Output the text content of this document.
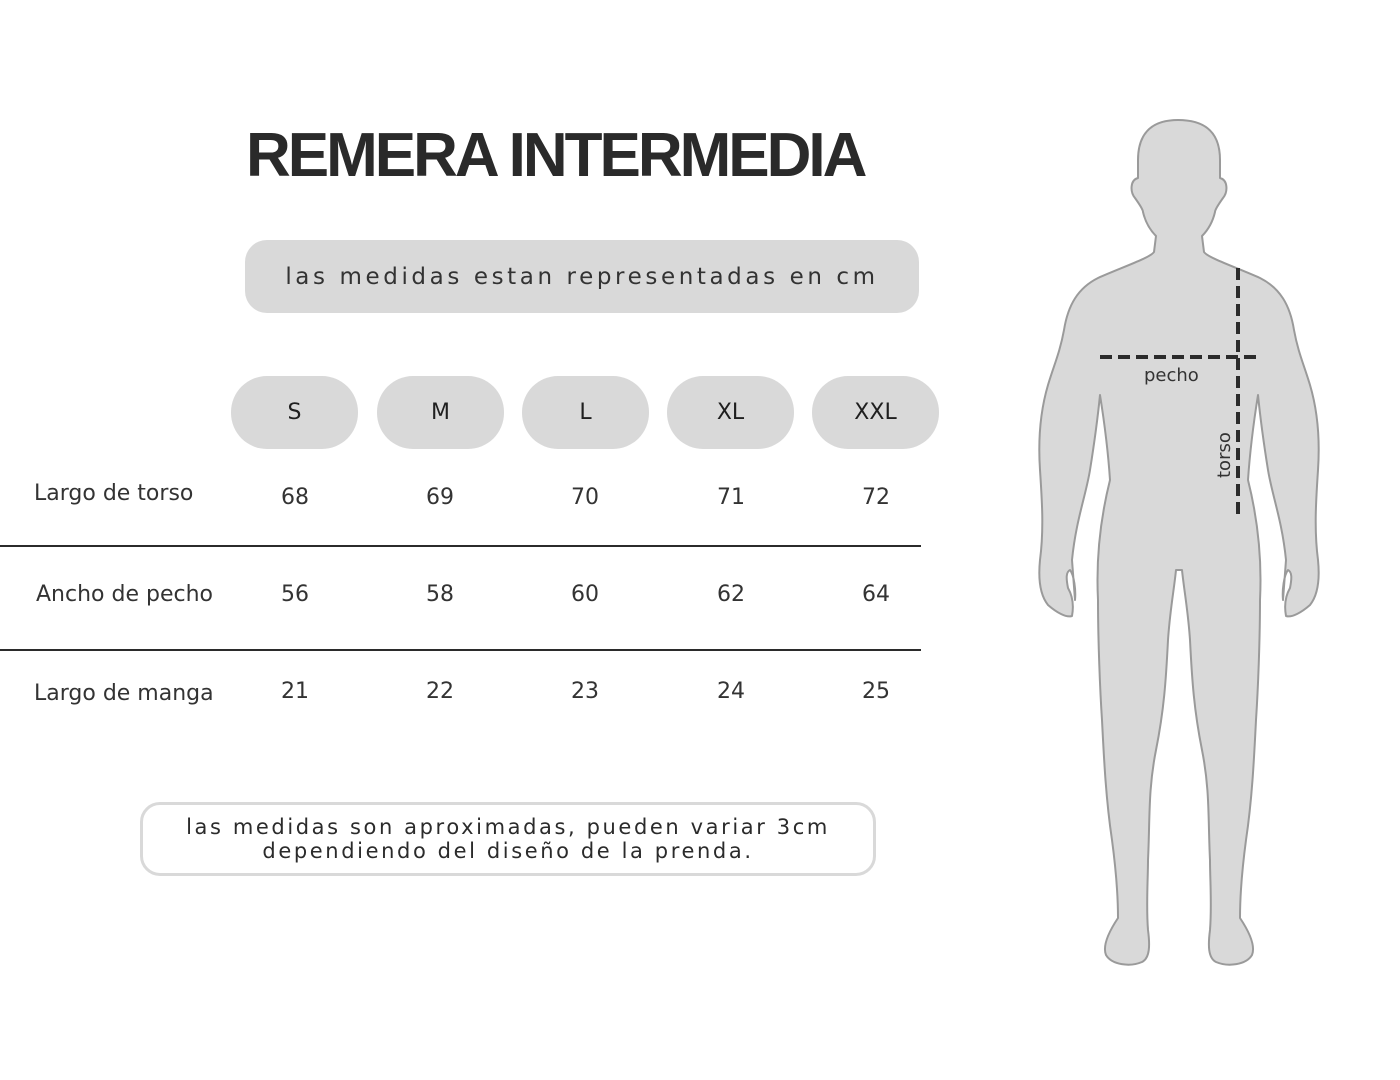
REMERA INTERMEDIA
las medidas estan representadas en cm
S	M	L	XL	XXL
Largo de torso	68	69	70	71	72
Ancho de pecho	56	58	60	62	64
Largo de manga	21	22	23	24	25
las medidas son aproximadas, pueden variar 3cm
dependiendo del diseño de la prenda.
pecho
torso
